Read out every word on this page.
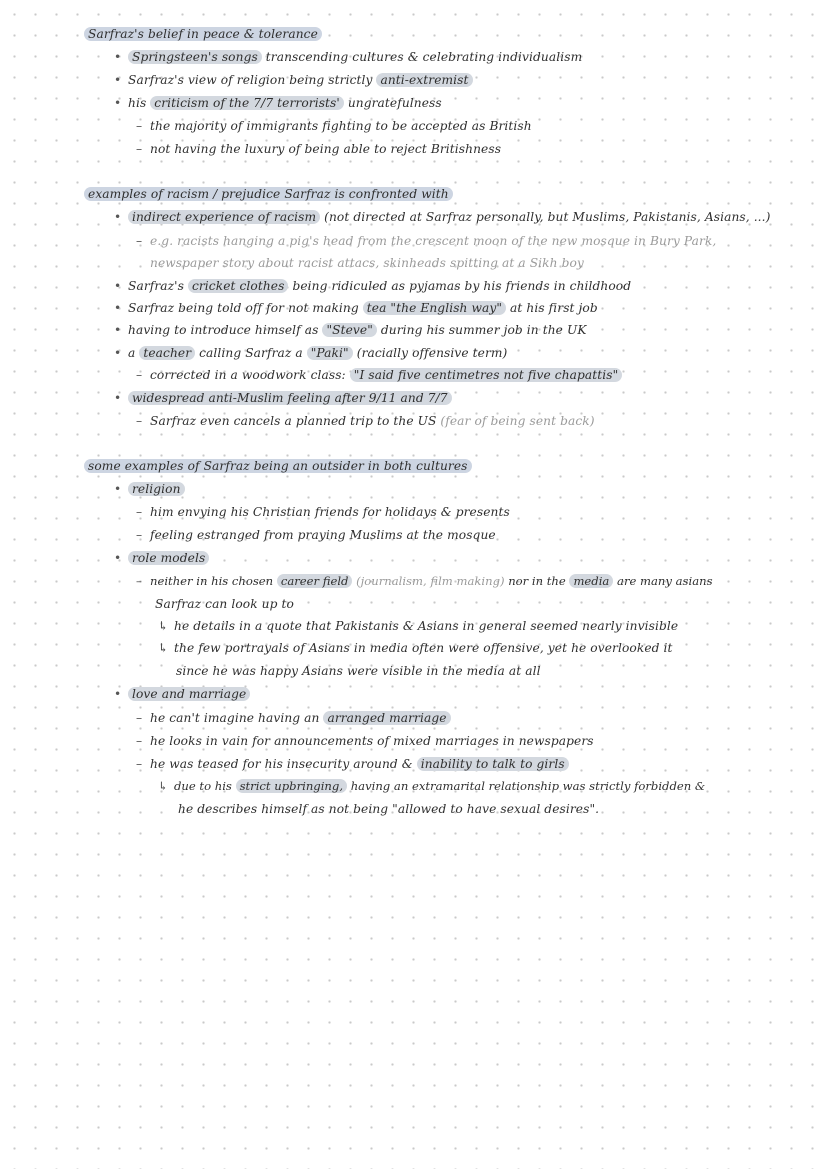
Sarfraz's belief in peace & tolerance
• Springsteen's songs transcending cultures & celebrating individualism
• Sarfraz's view of religion being strictly anti-extremist
• his criticism of the 7/7 terrorists' ungratefulness
– the majority of immigrants fighting to be accepted as British
– not having the luxury of being able to reject Britishness
examples of racism / prejudice Sarfraz is confronted with
• indirect experience of racism (not directed at Sarfraz personally, but Muslims, Pakistanis, Asians, ...)
– e.g. racists hanging a pig's head from the crescent moon of the new mosque in Bury Park,
newspaper story about racist attacs, skinheads spitting at a Sikh boy
• Sarfraz's cricket clothes being ridiculed as pyjamas by his friends in childhood
• Sarfraz being told off for not making tea "the English way" at his first job
• having to introduce himself as "Steve" during his summer job in the UK
• a teacher calling Sarfraz a "Paki" (racially offensive term)
– corrected in a woodwork class: "I said five centimetres not five chapattis"
• widespread anti-Muslim feeling after 9/11 and 7/7
– Sarfraz even cancels a planned trip to the US (fear of being sent back)
some examples of Sarfraz being an outsider in both cultures
• religion
– him envying his Christian friends for holidays & presents
– feeling estranged from praying Muslims at the mosque
• role models
– neither in his chosen career field (journalism, film making) nor in the media are many asians
Sarfraz can look up to
↳ he details in a quote that Pakistanis & Asians in general seemed nearly invisible
↳ the few portrayals of Asians in media often were offensive, yet he overlooked it
since he was happy Asians were visible in the media at all
• love and marriage
– he can't imagine having an arranged marriage
– he looks in vain for announcements of mixed marriages in newspapers
– he was teased for his insecurity around & inability to talk to girls
↳ due to his strict upbringing, having an extramarital relationship was strictly forbidden &
he describes himself as not being "allowed to have sexual desires".
